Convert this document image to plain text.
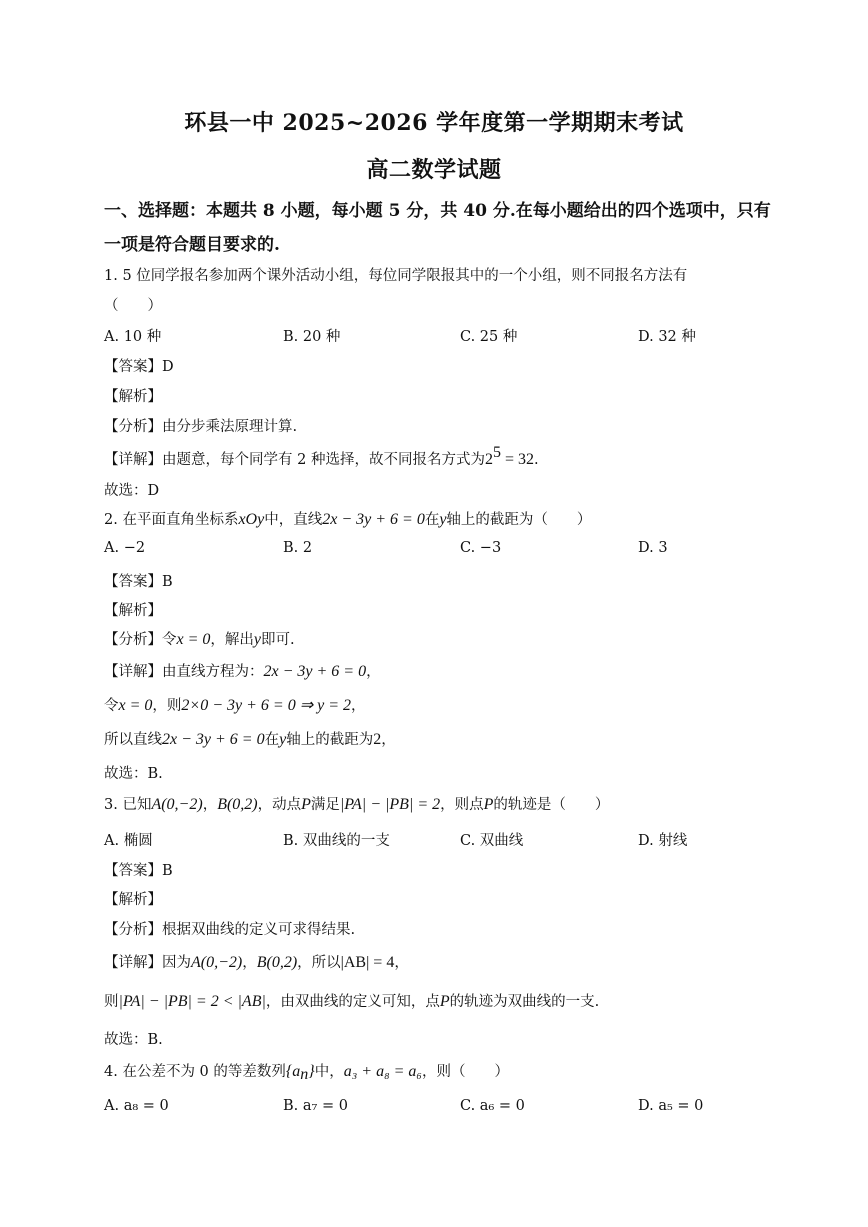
环县一中 2025~2026 学年度第一学期期末考试
高二数学试题
一、选择题：本题共 8 小题，每小题 5 分，共 40 分.在每小题给出的四个选项中，只有
一项是符合题目要求的.
1. 5 位同学报名参加两个课外活动小组，每位同学限报其中的一个小组，则不同报名方法有
（　　）
A. 10 种	B. 20 种	C. 25 种	D. 32 种
【答案】D
【解析】
【分析】由分步乘法原理计算.
【详解】由题意，每个同学有 2 种选择，故不同报名方式为$2^5 = 32$.
故选：D
2. 在平面直角坐标系xOy中，直线2x − 3y + 6 = 0在y轴上的截距为（　　）
A. −2	B. 2	C. −3	D. 3
【答案】B
【解析】
【分析】令x = 0，解出y即可.
【详解】由直线方程为：2x − 3y + 6 = 0，
令x = 0，则2×0 − 3y + 6 = 0 ⇒ y = 2，
所以直线2x − 3y + 6 = 0在y轴上的截距为2，
故选：B.
3. 已知A(0,−2)，B(0,2)，动点P满足|PA| − |PB| = 2，则点P的轨迹是（　　）
A. 椭圆	B. 双曲线的一支	C. 双曲线	D. 射线
【答案】B
【解析】
【分析】根据双曲线的定义可求得结果.
【详解】因为A(0,−2)，B(0,2)，所以|AB| = 4，
则|PA| − |PB| = 2 < |AB|，由双曲线的定义可知，点P的轨迹为双曲线的一支.
故选：B.
4. 在公差不为 0 的等差数列$\{a_n\}$中，a₃ + a₈ = a₆，则（　　）
A. a₈ = 0	B. a₇ = 0	C. a₆ = 0	D. a₅ = 0
